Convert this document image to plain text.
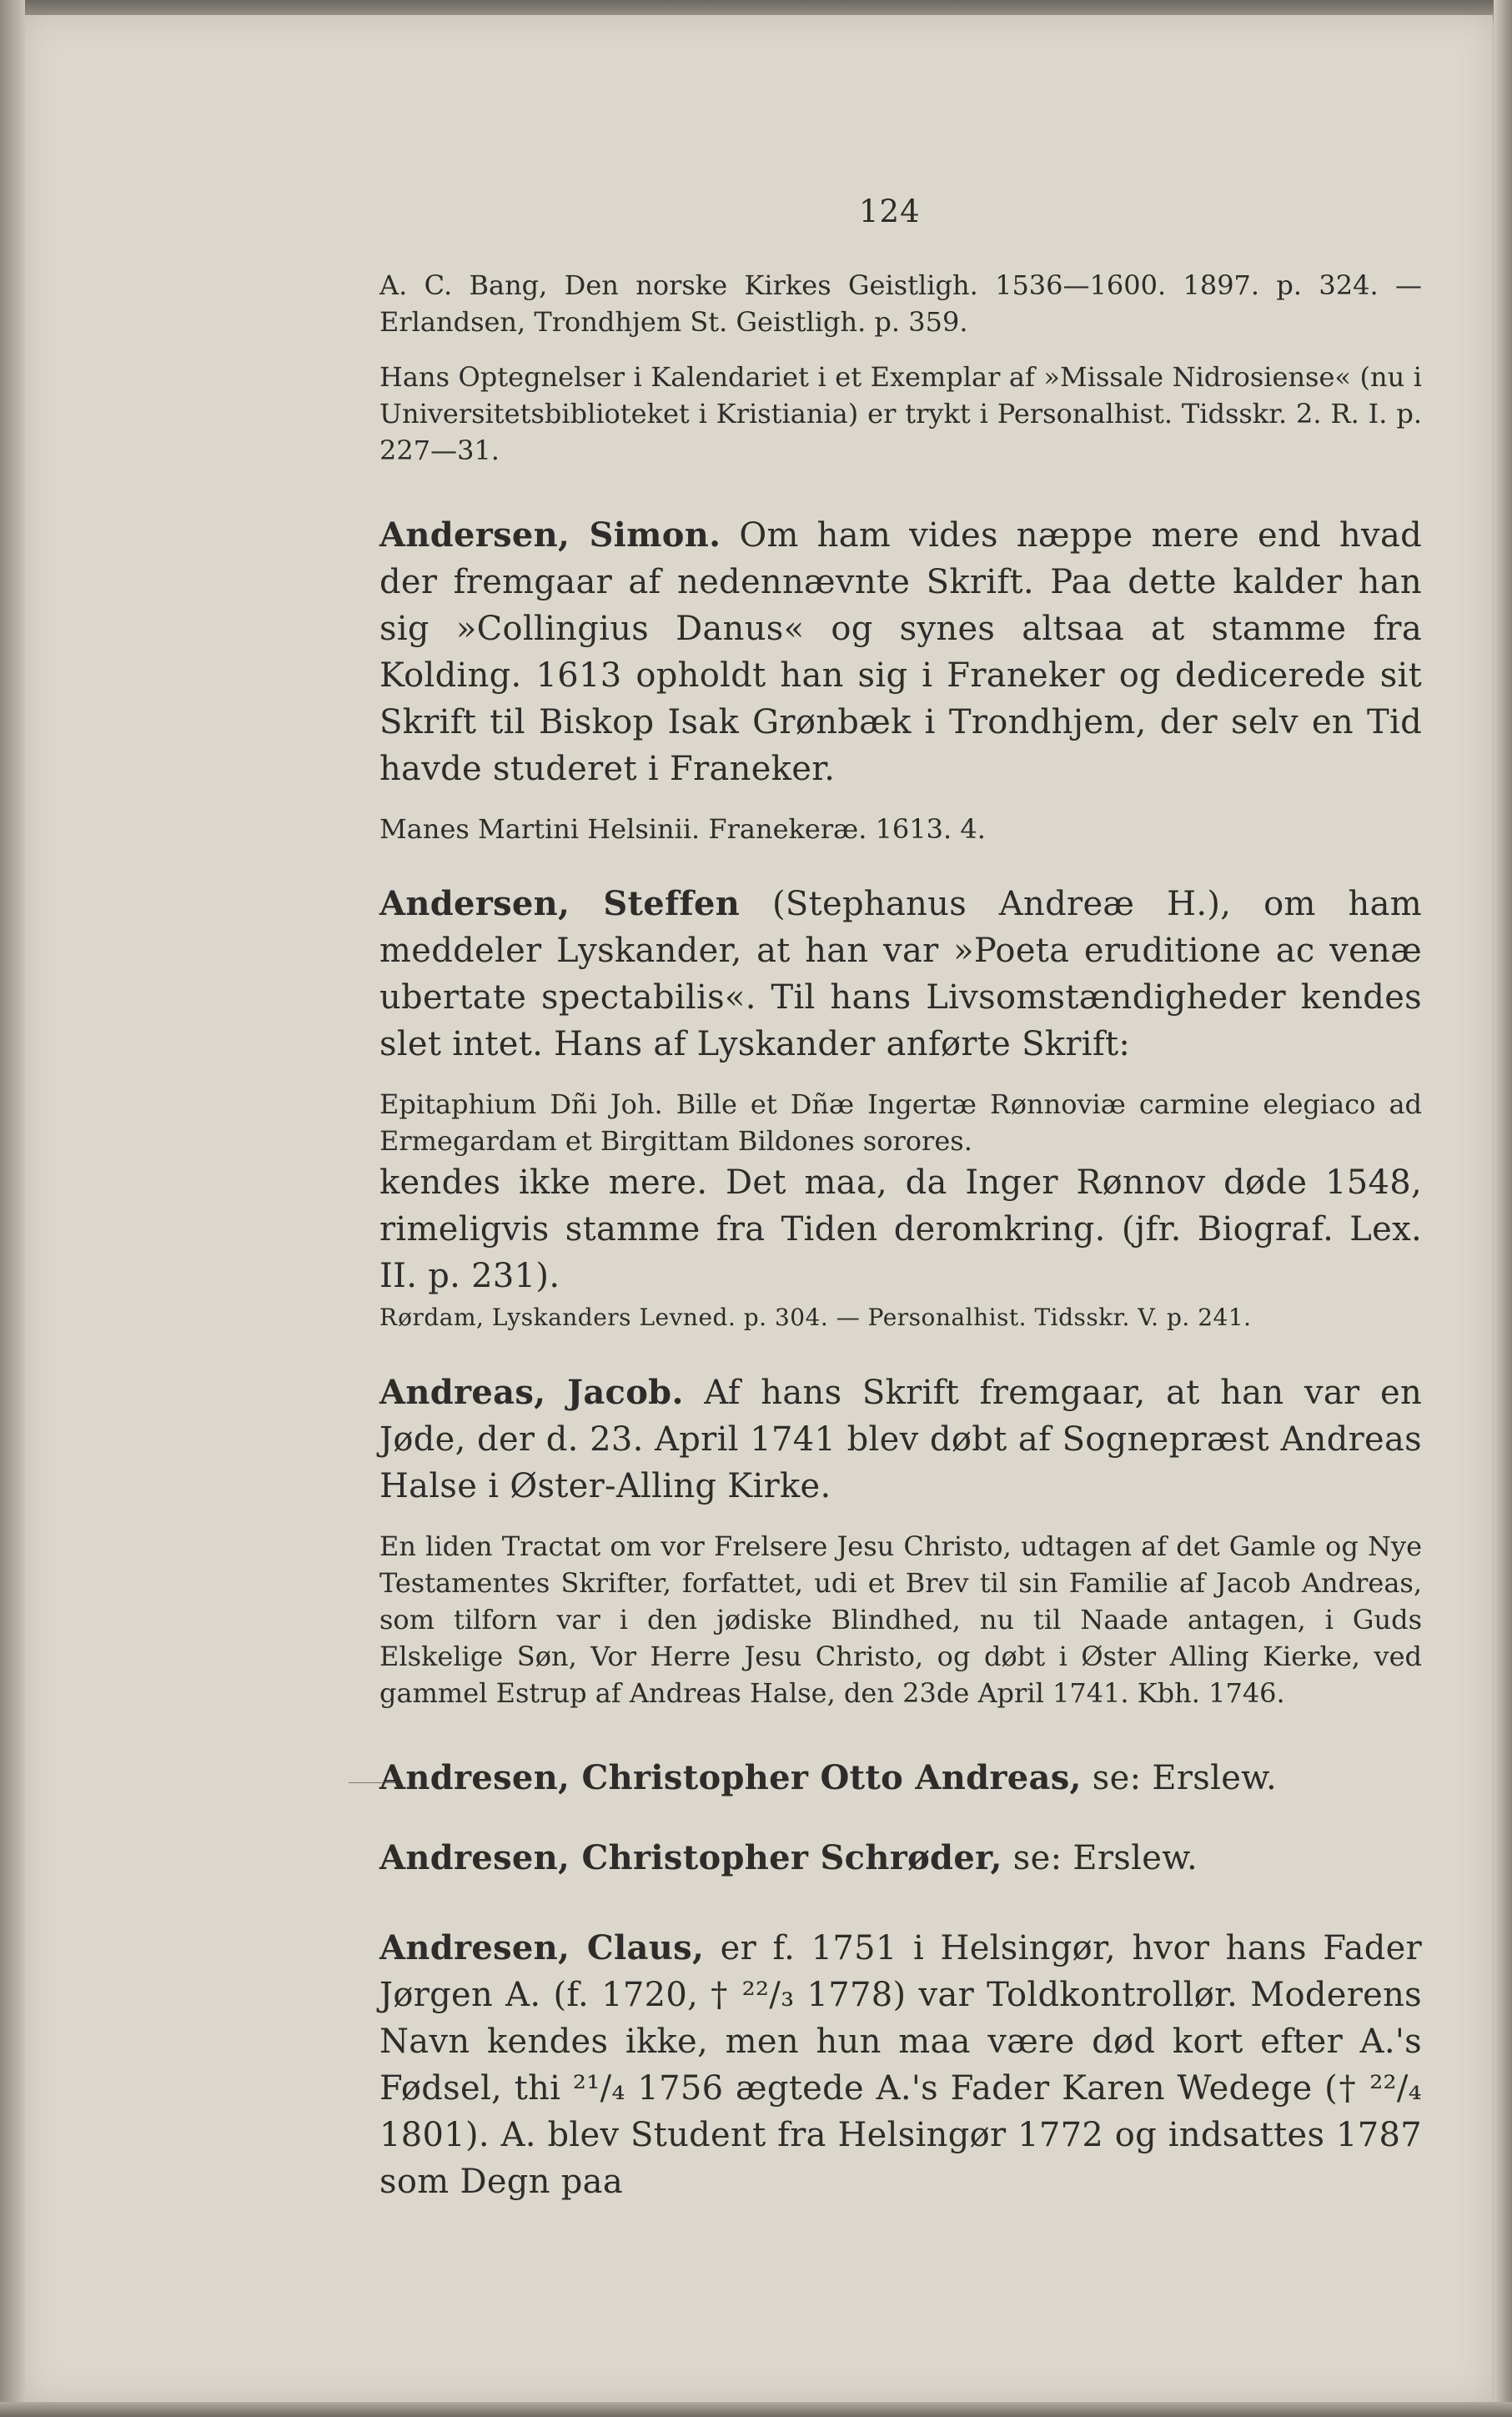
124

A. C. Bang, Den norske Kirkes Geistligh. 1536—1600. 1897. p. 324. — Erlandsen, Trondhjem St. Geistligh. p. 359.

Hans Optegnelser i Kalendariet i et Exemplar af »Missale Nidrosiense« (nu i Universitetsbiblioteket i Kristiania) er trykt i Personalhist. Tidsskr. 2. R. I. p. 227—31.

Andersen, Simon. Om ham vides næppe mere end hvad der fremgaar af nedennævnte Skrift. Paa dette kalder han sig »Collingius Danus« og synes altsaa at stamme fra Kolding. 1613 opholdt han sig i Franeker og dedicerede sit Skrift til Biskop Isak Grønbæk i Trondhjem, der selv en Tid havde studeret i Franeker.

Manes Martini Helsinii. Franekeræ. 1613. 4.

Andersen, Steffen (Stephanus Andreæ H.), om ham meddeler Lyskander, at han var »Poeta eruditione ac venæ ubertate spectabilis«. Til hans Livsomstændigheder kendes slet intet. Hans af Lyskander anførte Skrift:

Epitaphium Dñi Joh. Bille et Dñæ Ingertæ Rønnoviæ carmine elegiaco ad Ermegardam et Birgittam Bildones sorores.

kendes ikke mere. Det maa, da Inger Rønnov døde 1548, rimeligvis stamme fra Tiden deromkring. (jfr. Biograf. Lex. II. p. 231).

Rørdam, Lyskanders Levned. p. 304. — Personalhist. Tidsskr. V. p. 241.

Andreas, Jacob. Af hans Skrift fremgaar, at han var en Jøde, der d. 23. April 1741 blev døbt af Sognepræst Andreas Halse i Øster-Alling Kirke.

En liden Tractat om vor Frelsere Jesu Christo, udtagen af det Gamle og Nye Testamentes Skrifter, forfattet, udi et Brev til sin Familie af Jacob Andreas, som tilforn var i den jødiske Blindhed, nu til Naade antagen, i Guds Elskelige Søn, Vor Herre Jesu Christo, og døbt i Øster Alling Kierke, ved gammel Estrup af Andreas Halse, den 23de April 1741. Kbh. 1746.

Andresen, Christopher Otto Andreas, se: Erslew.

Andresen, Christopher Schrøder, se: Erslew.

Andresen, Claus, er f. 1751 i Helsingør, hvor hans Fader Jørgen A. (f. 1720, † ²²/₃ 1778) var Toldkontrollør. Moderens Navn kendes ikke, men hun maa være død kort efter A.'s Fødsel, thi ²¹/₄ 1756 ægtede A.'s Fader Karen Wedege († ²²/₄ 1801). A. blev Student fra Helsingør 1772 og indsattes 1787 som Degn paa
